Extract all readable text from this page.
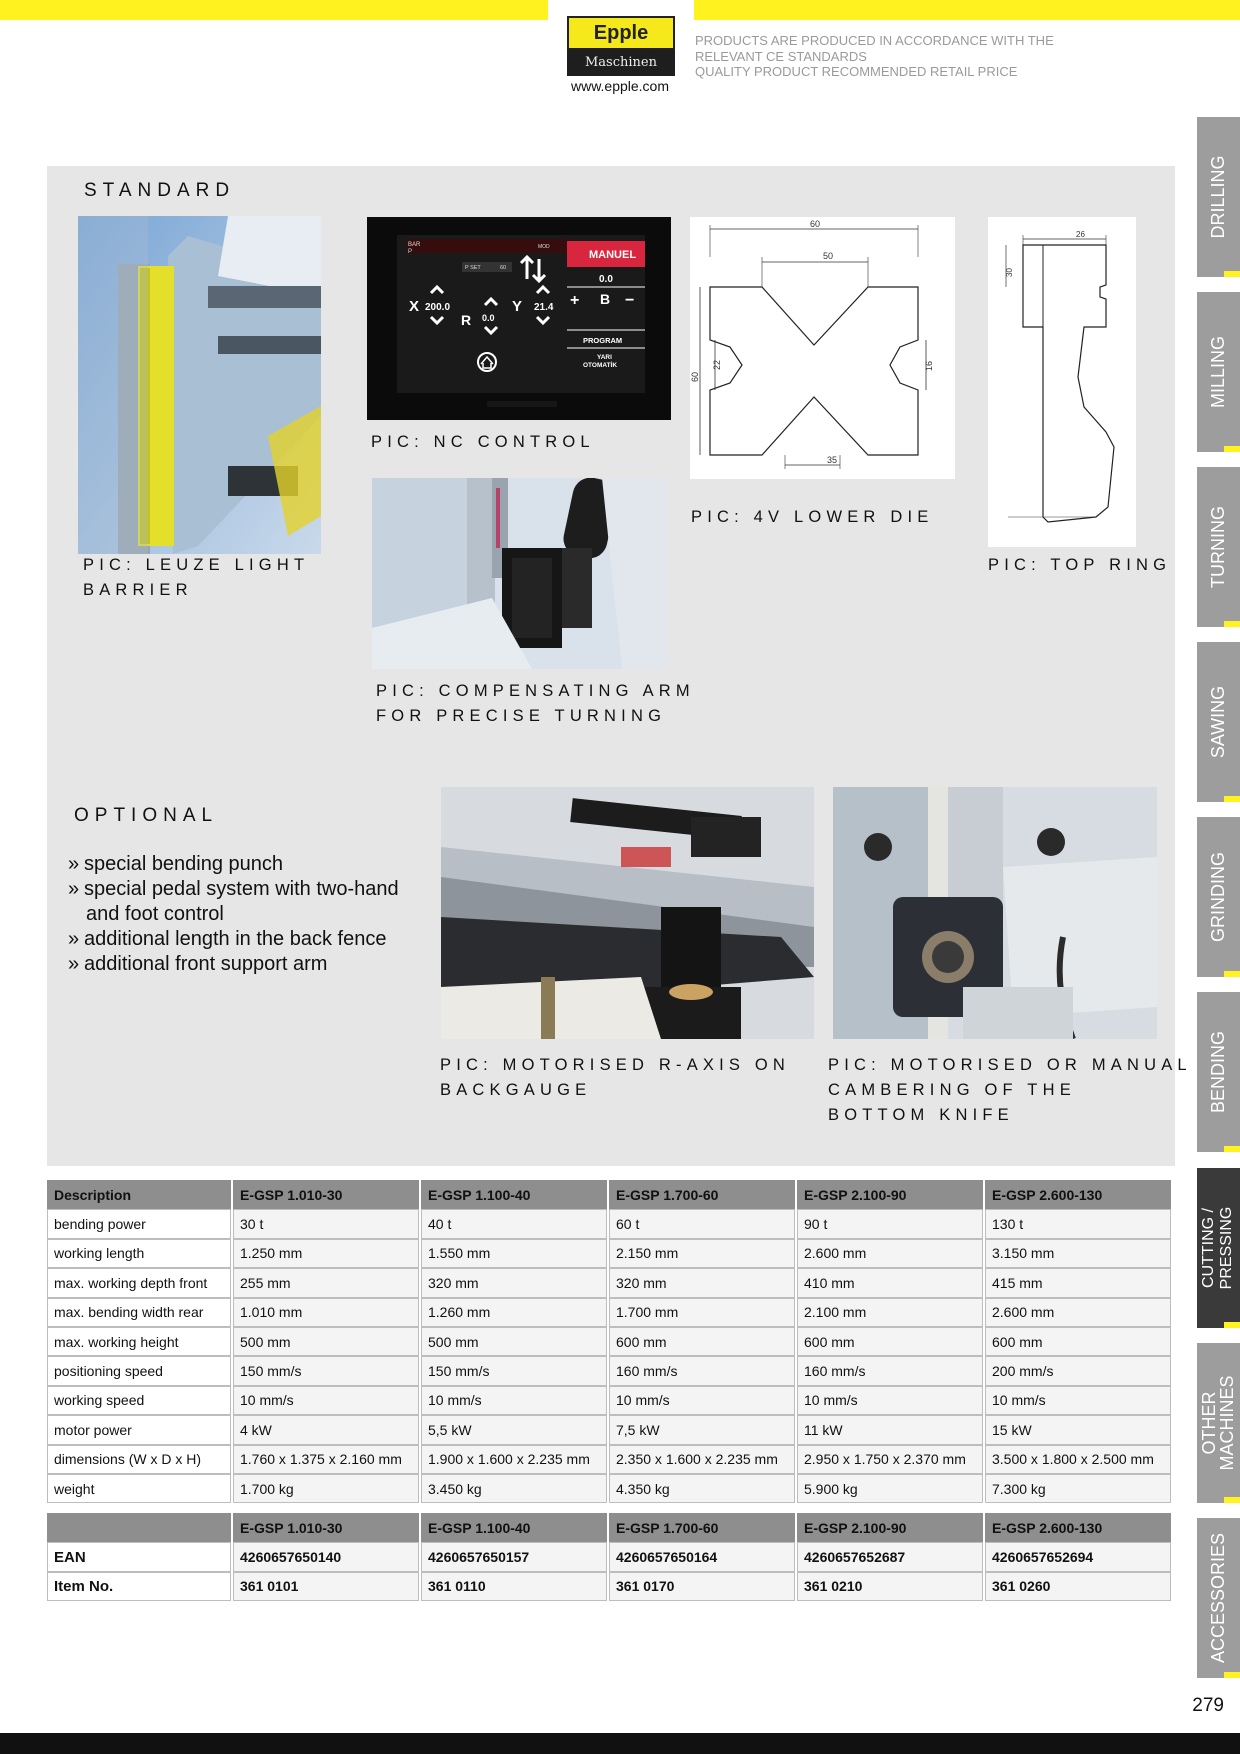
Epple
Maschinen
www.epple.com
PRODUCTS ARE PRODUCED IN ACCORDANCE WITH THE
RELEVANT CE STANDARDS
QUALITY PRODUCT RECOMMENDED RETAIL PRICE
STANDARD
PIC: LEUZE LIGHT
BARRIER
BAR
P
MOD
P SET	60
MANUEL
0.0
+ B −
PROGRAM
YARI
OTOMATİK
X 200.0
R 0.0
Y 21.4
PIC: NC CONTROL
PIC: COMPENSATING ARM
FOR PRECISE TURNING
60
50
60
22	16
35
PIC: 4V LOWER DIE
26
30
PIC: TOP RING
OPTIONAL
» special bending punch
» special pedal system with two-hand
and foot control
» additional length in the back fence
» additional front support arm
PIC: MOTORISED R-AXIS ON
BACKGAUGE
PIC: MOTORISED OR MANUAL
CAMBERING OF THE
BOTTOM KNIFE
Description	E-GSP 1.010-30	E-GSP 1.100-40	E-GSP 1.700-60	E-GSP 2.100-90	E-GSP 2.600-130
bending power	30 t	40 t	60 t	90 t	130 t
working length	1.250 mm	1.550 mm	2.150 mm	2.600 mm	3.150 mm
max. working depth front	255 mm	320 mm	320 mm	410 mm	415 mm
max. bending width rear	1.010 mm	1.260 mm	1.700 mm	2.100 mm	2.600 mm
max. working height	500 mm	500 mm	600 mm	600 mm	600 mm
positioning speed	150 mm/s	150 mm/s	160 mm/s	160 mm/s	200 mm/s
working speed	10 mm/s	10 mm/s	10 mm/s	10 mm/s	10 mm/s
motor power	4 kW	5,5 kW	7,5 kW	11 kW	15 kW
dimensions (W x D x H)	1.760 x 1.375 x 2.160 mm	1.900 x 1.600 x 2.235 mm	2.350 x 1.600 x 2.235 mm	2.950 x 1.750 x 2.370 mm	3.500 x 1.800 x 2.500 mm
weight	1.700 kg	3.450 kg	4.350 kg	5.900 kg	7.300 kg
	E-GSP 1.010-30	E-GSP 1.100-40	E-GSP 1.700-60	E-GSP 2.100-90	E-GSP 2.600-130
EAN	4260657650140	4260657650157	4260657650164	4260657652687	4260657652694
Item No.	361 0101	361 0110	361 0170	361 0210	361 0260
DRILLING
MILLING
TURNING
SAWING
GRINDING
BENDING
CUTTING / PRESSING
OTHER
MACHINES
ACCESSORIES
279
